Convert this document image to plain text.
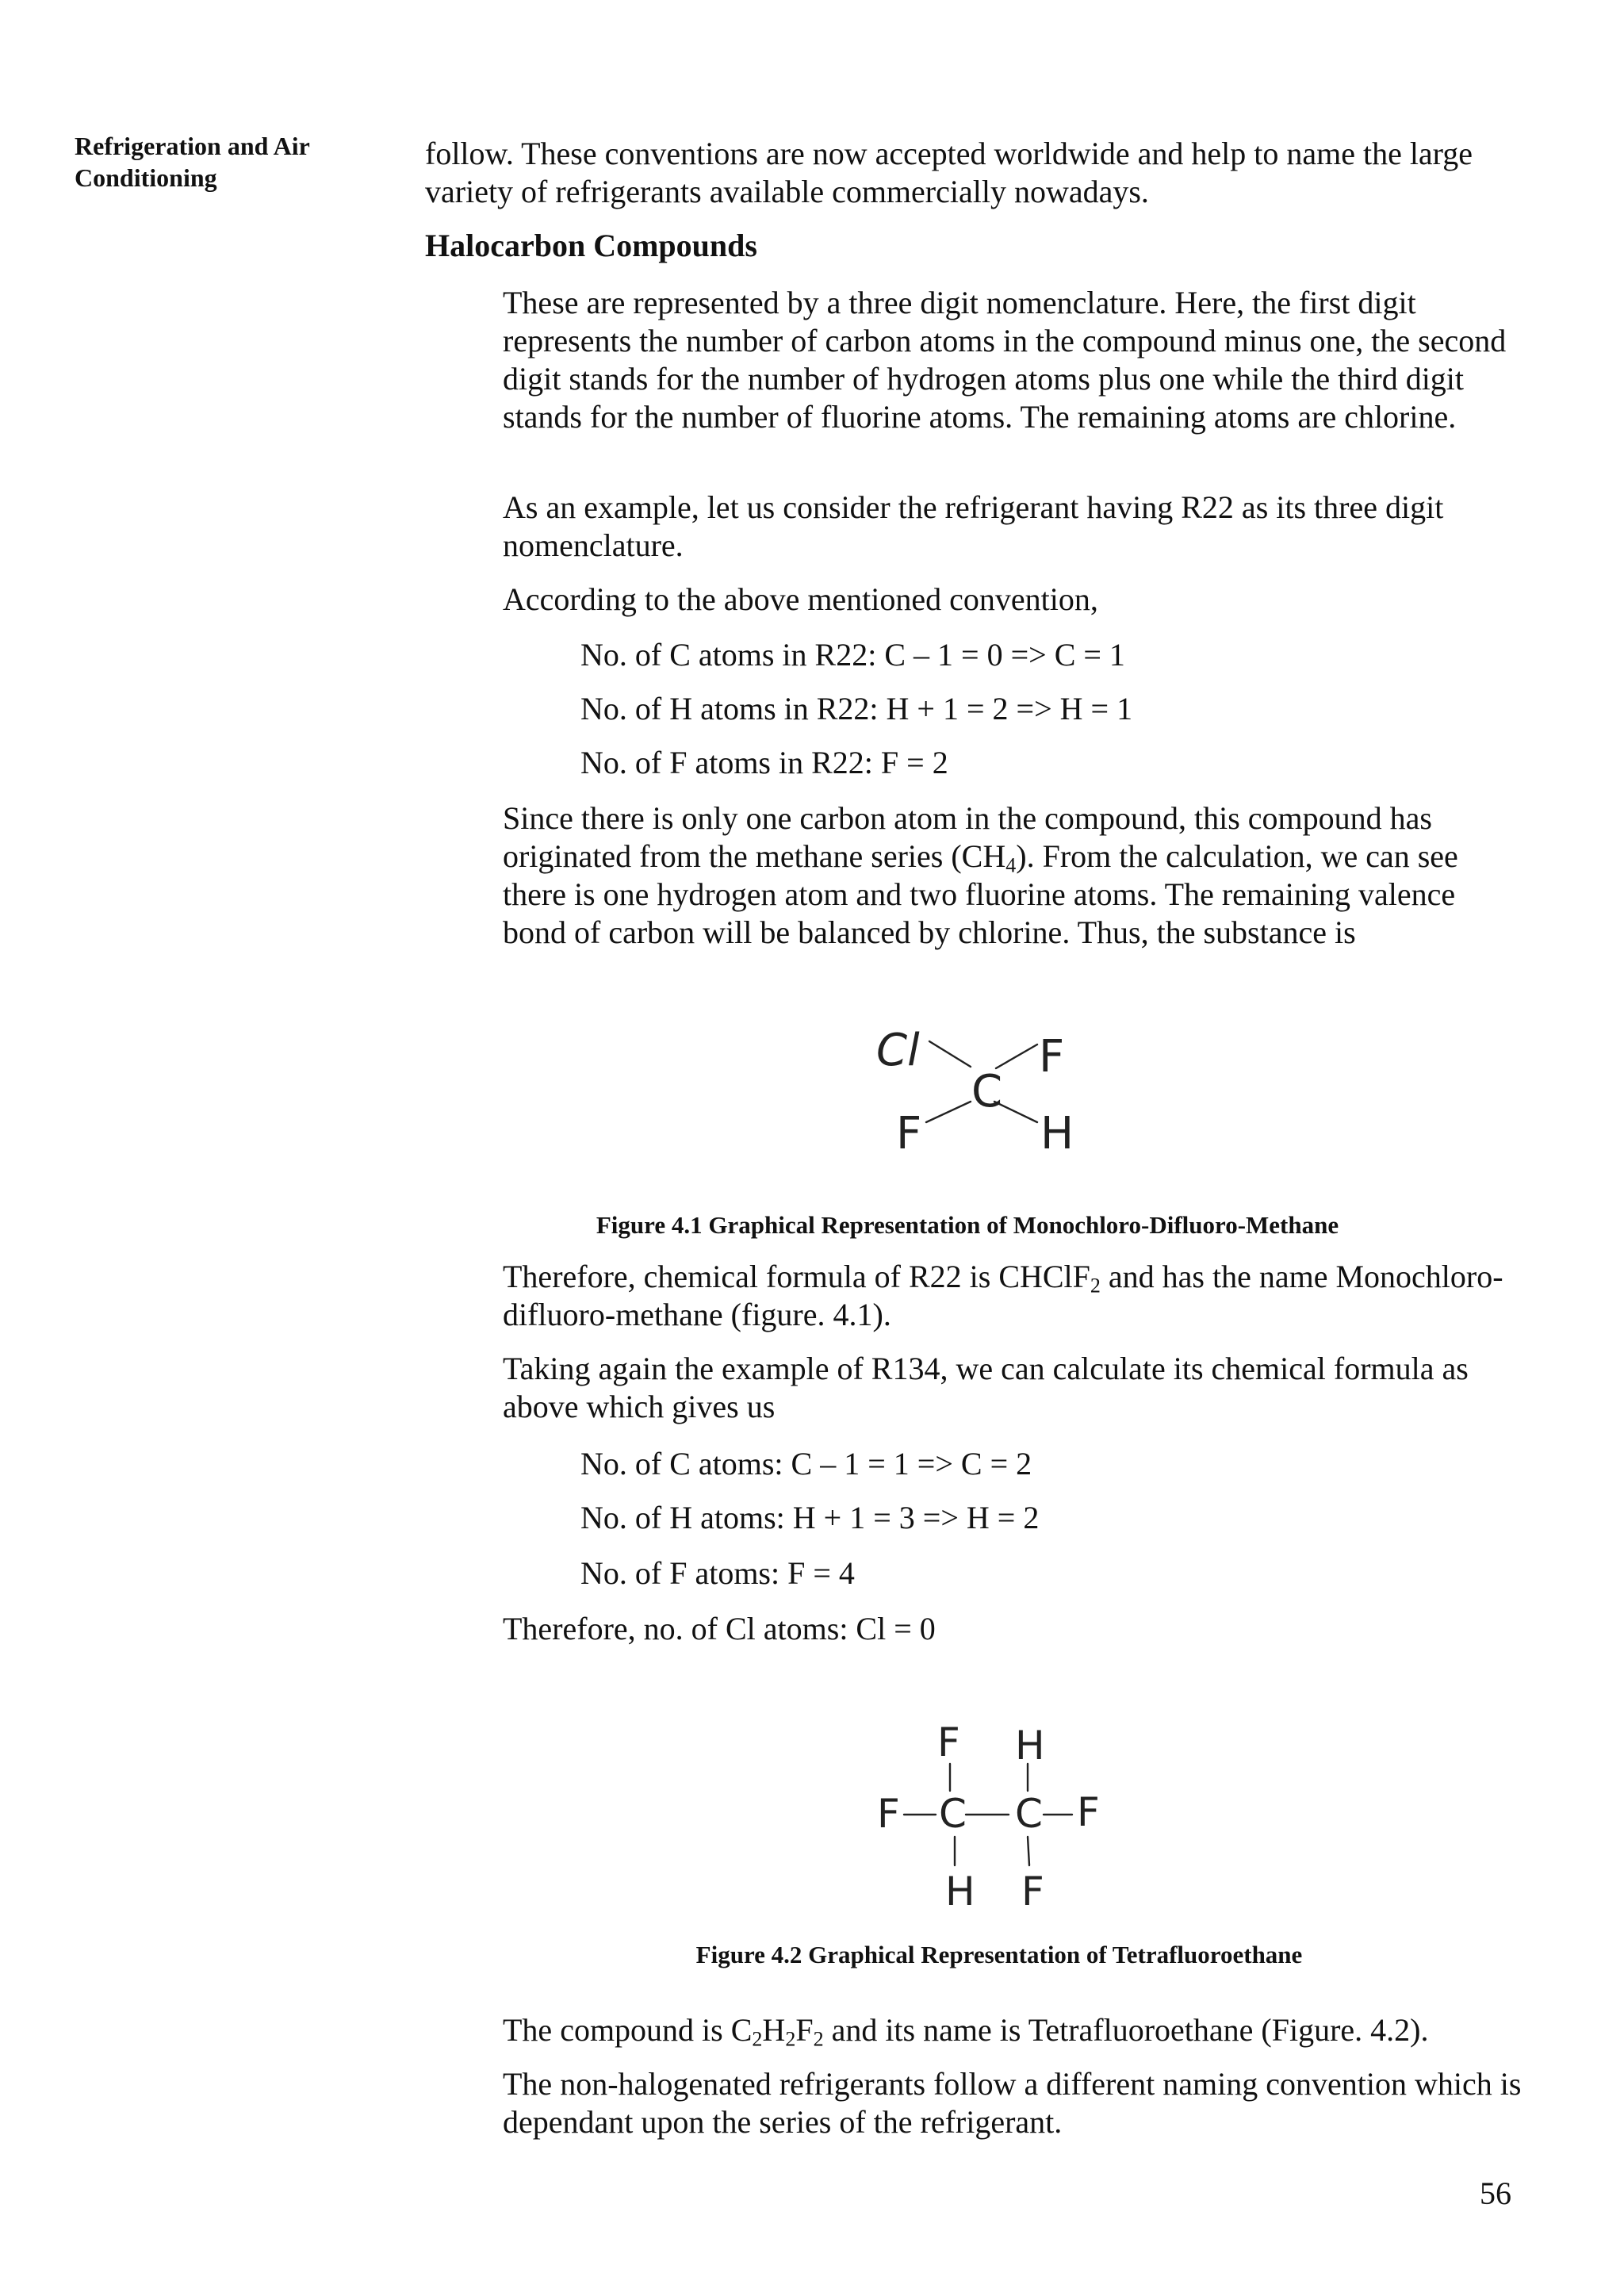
Refrigeration and Air Conditioning
follow. These conventions are now accepted worldwide and help to name the large variety of refrigerants available commercially nowadays.
Halocarbon Compounds
These are represented by a three digit nomenclature. Here, the first digit represents the number of carbon atoms in the compound minus one, the second digit stands for the number of hydrogen atoms plus one while the third digit stands for the number of fluorine atoms. The remaining atoms are chlorine.
As an example, let us consider the refrigerant having R22 as its three digit nomenclature.
According to the above mentioned convention,
No. of C atoms in R22: C – 1 = 0 => C = 1
No. of H atoms in R22: H + 1 = 2 => H = 1
No. of F atoms in R22: F = 2
Since there is only one carbon atom in the compound, this compound has originated from the methane series $(CH_4)$. From the calculation, we can see there is one hydrogen atom and two fluorine atoms. The remaining valence bond of carbon will be balanced by chlorine. Thus, the substance is
Cl	F
C
F	H
Figure 4.1 Graphical Representation of Monochloro-Difluoro-Methane
Therefore, chemical formula of R22 is CHClF$_2$ and has the name Monochloro-difluoro-methane (figure. 4.1).
Taking again the example of R134, we can calculate its chemical formula as above which gives us
No. of C atoms: C – 1 = 1 => C = 2
No. of H atoms: H + 1 = 3 => H = 2
No. of F atoms: F = 4
Therefore, no. of Cl atoms: Cl = 0
F H
F C C F
H F
Figure 4.2 Graphical Representation of Tetrafluoroethane
The compound is $C_2H_2F_2$ and its name is Tetrafluoroethane (Figure. 4.2).
The non-halogenated refrigerants follow a different naming convention which is dependant upon the series of the refrigerant.
56
